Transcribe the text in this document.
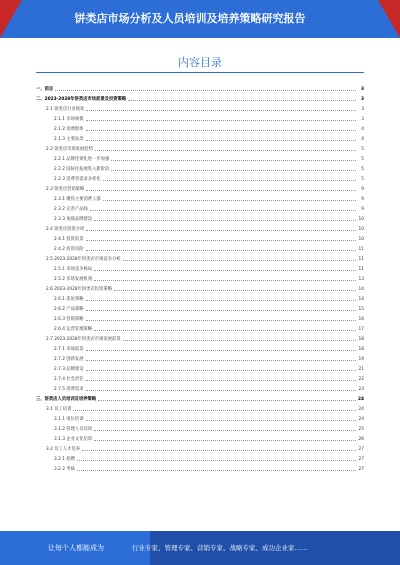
饼类店市场分析及人员培训及培养策略研究报告
内容目录
一、前言	3
二、2023-2028年饼类店市场前景及投资策略	3
2.1 饼类店行业现状	3
2.1.1 市场规模	3
2.1.2 消费群体	4
2.1.3 主要品类	4
2.2 饼类店市场发展趋势	5
2.2.1 品牌连锁化进一步加强	5
2.2.2 国际化拓展进入新阶段	5
2.2.3 消费者需求多样化	5
2.3 饼类店营销策略	9
2.3.1 聚焦主要消费人群	9
2.3.2 完善产品线	9
2.3.3 加强品牌建设	10
2.4 饼类店投资分析	10
2.4.1 投资前景	10
2.4.2 投资风险	11
2.5 2023-2028年饼类店市场竞争分析	11
2.5.1 市场竞争格局	11
2.5.2 市场发展机遇	13
2.6 2023-2028年饼类店投资策略	14
2.6.1 选址策略	14
2.6.2 产品策略	15
2.6.3 营销策略	16
2.6.4 运营管理策略	17
2.7 2023-2028年饼类店市场发展前景	18
2.7.1 市场前景	18
2.7.2 创新发展	19
2.7.3 品牌建设	21
2.7.4 社会责任	22
2.7.5 消费需求	23
三、饼类店人员培训及培养策略	24
3.1 员工培训	24
3.1.1 岗位培训	24
3.1.2 管理人员培训	25
3.1.3 企业文化培训	26
3.2 员工人才培养	27
3.2.1 招聘	27
3.2.2 考核	27
让每个人都能成为	行业专家、管理专家、营销专家、战略专家、成功企业家……
